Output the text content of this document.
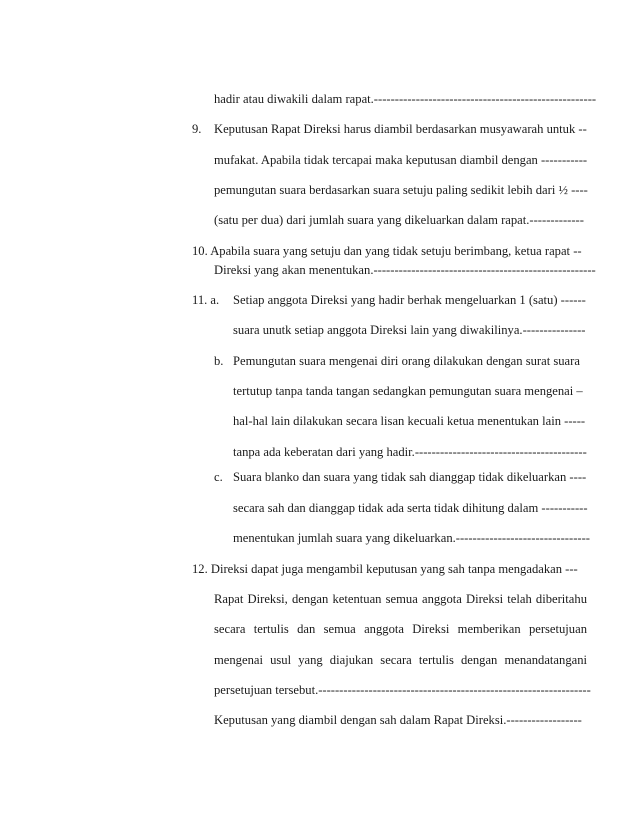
hadir atau diwakili dalam rapat.-----------------------------------------------------
9. Keputusan Rapat Direksi harus diambil berdasarkan musyawarah untuk --
mufakat. Apabila tidak tercapai maka keputusan diambil dengan -----------
pemungutan suara berdasarkan suara setuju paling sedikit lebih dari ½ ----
(satu per dua) dari jumlah suara yang dikeluarkan dalam rapat.-------------
10. Apabila suara yang setuju dan yang tidak setuju berimbang, ketua rapat --
Direksi yang akan menentukan.-----------------------------------------------------
11. a. Setiap anggota Direksi yang hadir berhak mengeluarkan 1 (satu) ------
suara unutk setiap anggota Direksi lain yang diwakilinya.---------------
b. Pemungutan suara mengenai diri orang dilakukan dengan surat suara
tertutup tanpa tanda tangan sedangkan pemungutan suara mengenai –
hal-hal lain dilakukan secara lisan kecuali ketua menentukan lain -----
tanpa ada keberatan dari yang hadir.-----------------------------------------
c. Suara blanko dan suara yang tidak sah dianggap tidak dikeluarkan ----
secara sah dan dianggap tidak ada serta tidak dihitung dalam -----------
menentukan jumlah suara yang dikeluarkan.--------------------------------
12. Direksi dapat juga mengambil keputusan yang sah tanpa mengadakan ---
Rapat Direksi, dengan ketentuan semua anggota Direksi telah diberitahu
secara tertulis dan semua anggota Direksi memberikan persetujuan
mengenai usul yang diajukan secara tertulis dengan menandatangani
persetujuan tersebut.-----------------------------------------------------------------
Keputusan yang diambil dengan sah dalam Rapat Direksi.------------------
